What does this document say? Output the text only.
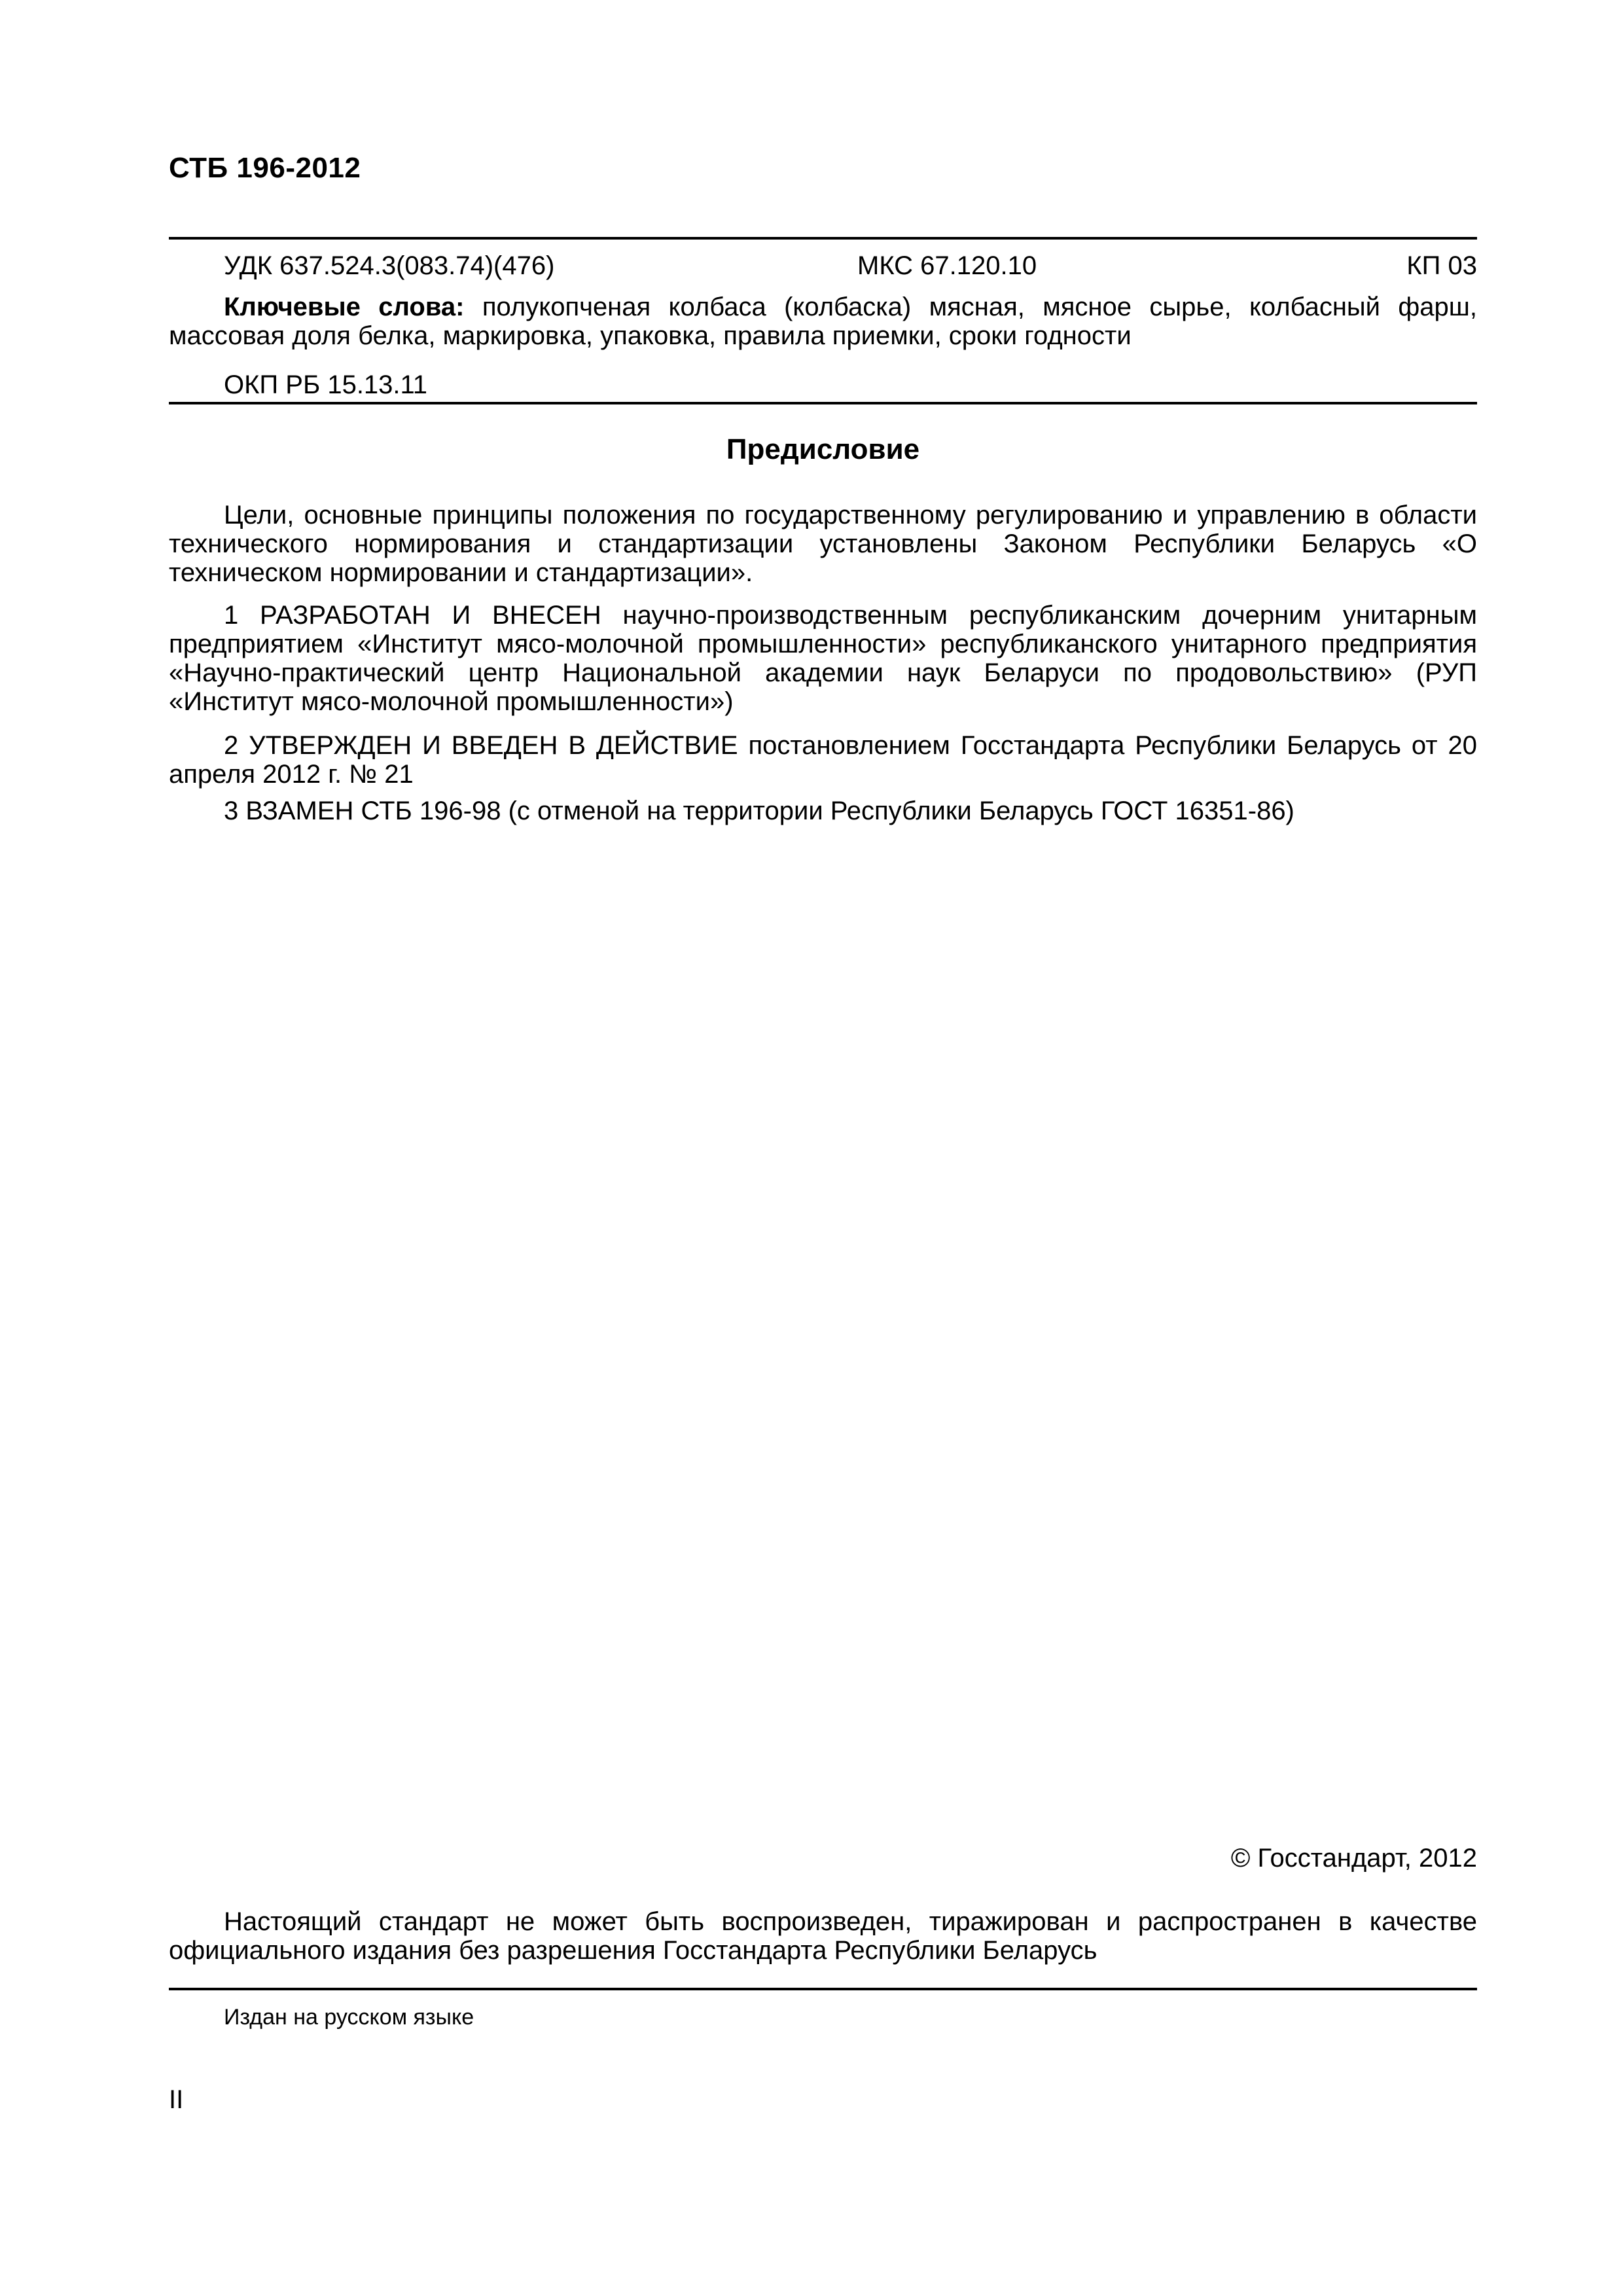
СТБ 196-2012
УДК 637.524.3(083.74)(476)	МКС 67.120.10	КП 03
Ключевые слова: полукопченая колбаса (колбаска) мясная, мясное сырье, колбасный фарш, массовая доля белка, маркировка, упаковка, правила приемки, сроки годности
ОКП РБ 15.13.11
Предисловие
Цели, основные принципы положения по государственному регулированию и управлению в области технического нормирования и стандартизации установлены Законом Республики Беларусь «О техническом нормировании и стандартизации».
1 РАЗРАБОТАН И ВНЕСЕН научно-производственным республиканским дочерним унитарным предприятием «Институт мясо-молочной промышленности» республиканского унитарного предприятия «Научно-практический центр Национальной академии наук Беларуси по продовольствию» (РУП «Институт мясо-молочной промышленности»)
2 УТВЕРЖДЕН И ВВЕДЕН В ДЕЙСТВИЕ постановлением Госстандарта Республики Беларусь от 20 апреля 2012 г. № 21
3 ВЗАМЕН СТБ 196-98 (с отменой на территории Республики Беларусь ГОСТ 16351-86)
© Госстандарт, 2012
Настоящий стандарт не может быть воспроизведен, тиражирован и распространен в качестве официального издания без разрешения Госстандарта Республики Беларусь
Издан на русском языке
II
